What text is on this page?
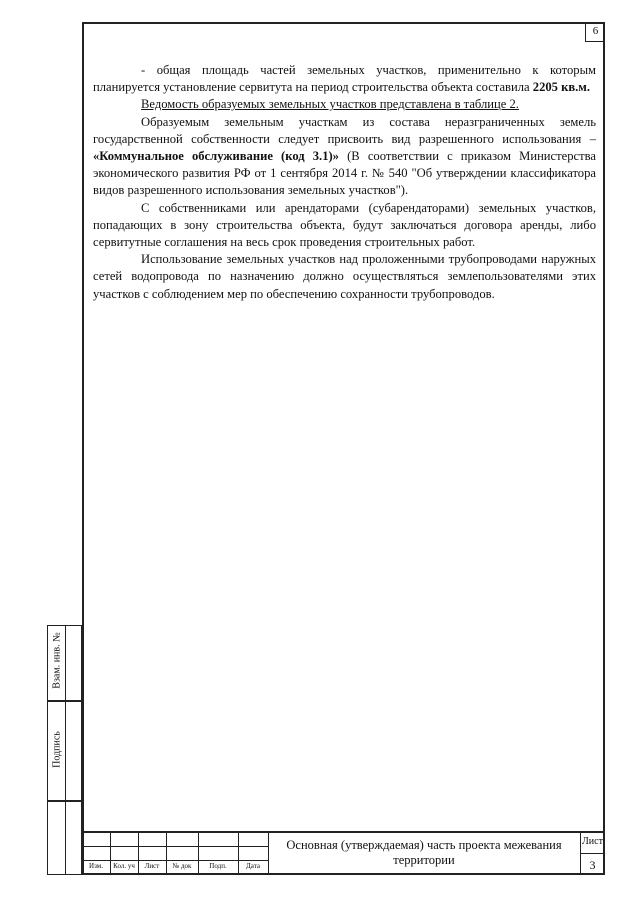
6

- общая площадь частей земельных участков, применительно к которым планируется установление сервитута на период строительства объекта составила 2205 кв.м.

Ведомость образуемых земельных участков представлена в таблице 2.

Образуемым земельным участкам из состава неразграниченных земель государственной собственности следует присвоить вид разрешенного использования – «Коммунальное обслуживание (код 3.1)» (В соответствии с приказом Министерства экономического развития РФ от 1 сентября 2014 г. № 540 "Об утверждении классификатора видов разрешенного использования земельных участков").

С собственниками или арендаторами (субарендаторами) земельных участков, попадающих в зону строительства объекта, будут заключаться договора аренды, либо сервитутные соглашения на весь срок проведения строительных работ.

Использование земельных участков над проложенными трубопроводами наружных сетей водопровода по назначению должно осуществляться землепользователями этих участков с соблюдением мер по обеспечению сохранности трубопроводов.

Взам. инв. №
Подпись
Изм.	Кол. уч	Лист	№ док	Подп.	Дата
Основная (утверждаемая) часть проекта межевания территории
Лист
3
